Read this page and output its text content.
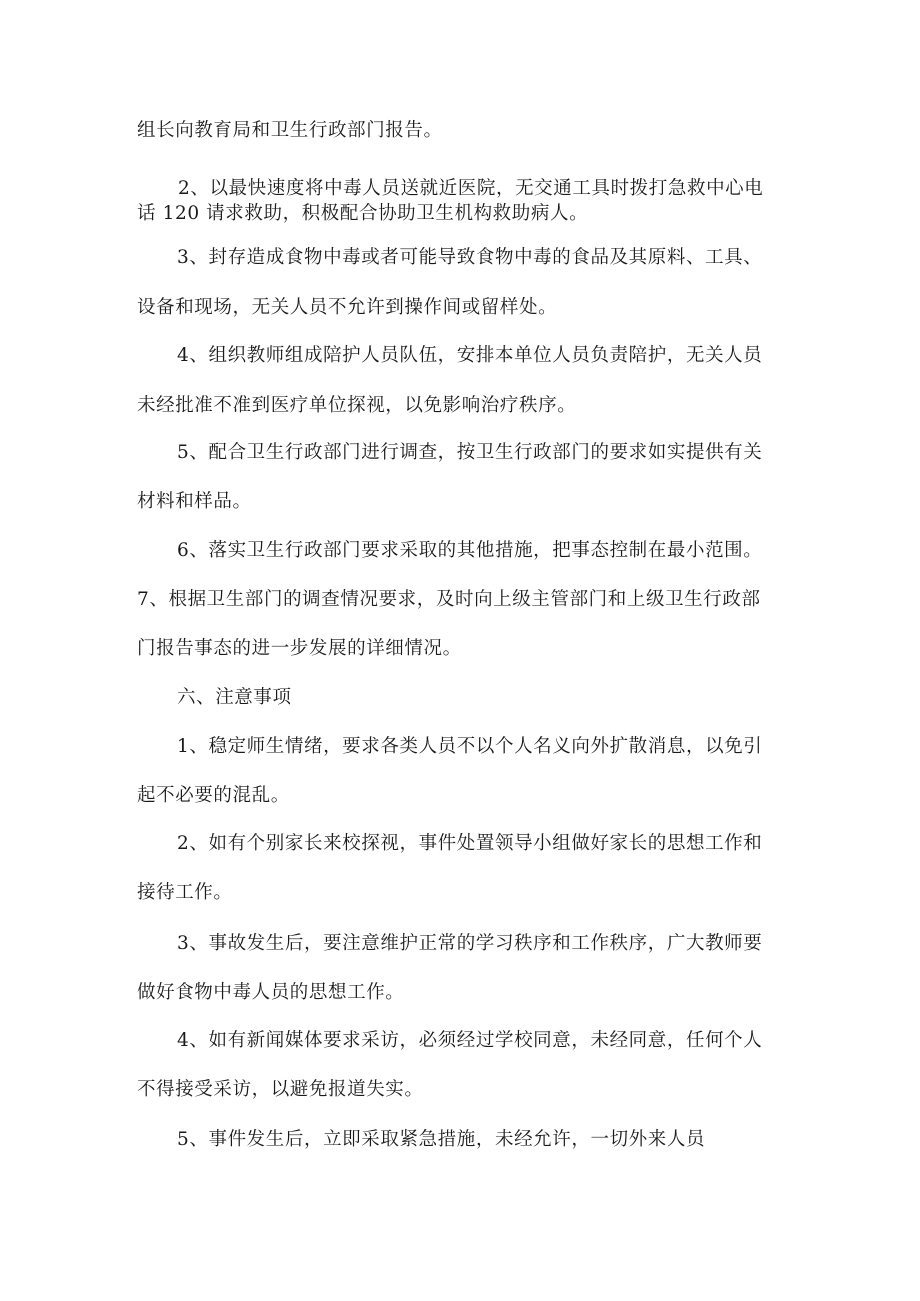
组长向教育局和卫生行政部门报告。
2、以最快速度将中毒人员送就近医院，无交通工具时拨打急救中心电
话 120 请求救助，积极配合协助卫生机构救助病人。
3、封存造成食物中毒或者可能导致食物中毒的食品及其原料、工具、
设备和现场，无关人员不允许到操作间或留样处。
4、组织教师组成陪护人员队伍，安排本单位人员负责陪护，无关人员
未经批准不准到医疗单位探视，以免影响治疗秩序。
5、配合卫生行政部门进行调查，按卫生行政部门的要求如实提供有关
材料和样品。
6、落实卫生行政部门要求采取的其他措施，把事态控制在最小范围。
7、根据卫生部门的调查情况要求，及时向上级主管部门和上级卫生行政部
门报告事态的进一步发展的详细情况。
六、注意事项
1、稳定师生情绪，要求各类人员不以个人名义向外扩散消息，以免引
起不必要的混乱。
2、如有个别家长来校探视，事件处置领导小组做好家长的思想工作和
接待工作。
3、事故发生后，要注意维护正常的学习秩序和工作秩序，广大教师要
做好食物中毒人员的思想工作。
4、如有新闻媒体要求采访，必须经过学校同意，未经同意，任何个人
不得接受采访，以避免报道失实。
5、事件发生后，立即采取紧急措施，未经允许，一切外来人员
